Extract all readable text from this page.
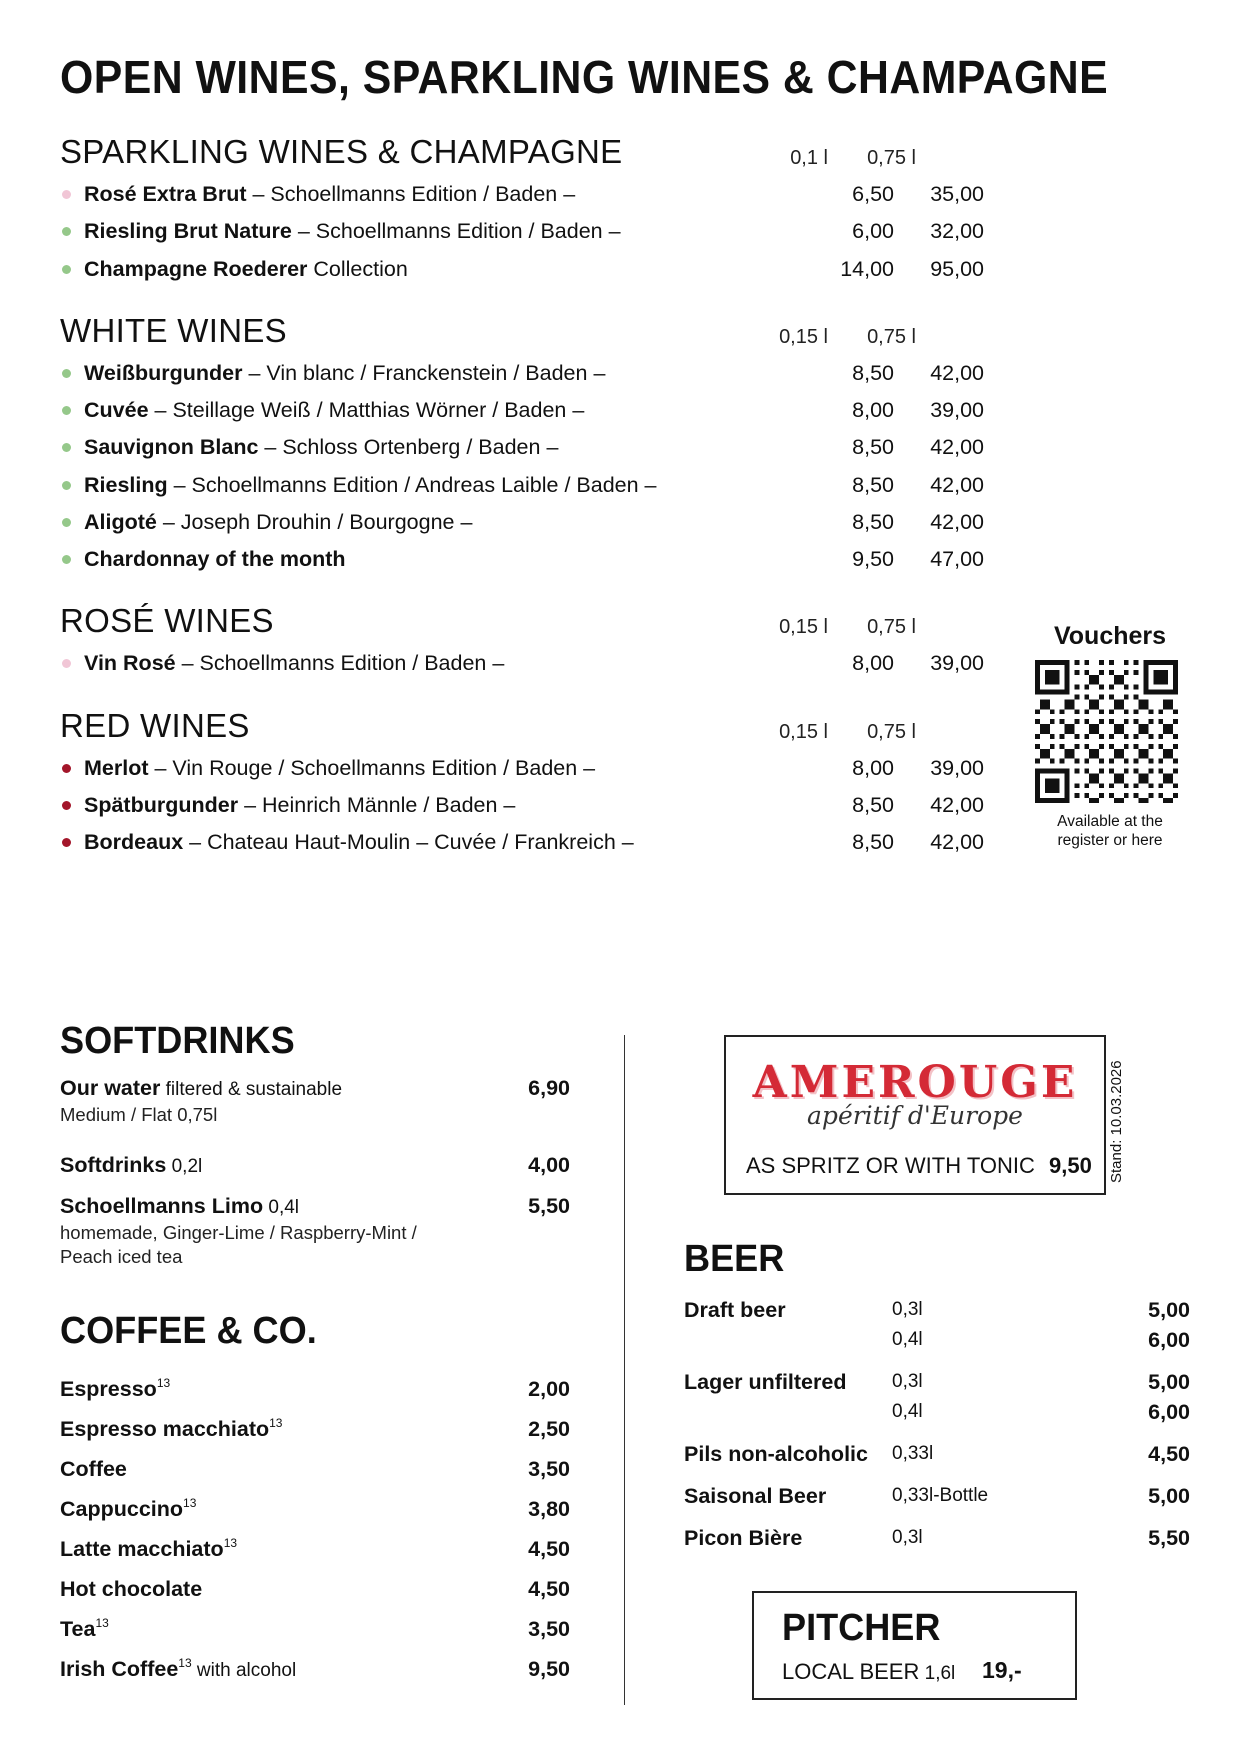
OPEN WINES, SPARKLING WINES & CHAMPAGNE
SPARKLING WINES & CHAMPAGNE	0,1 l	0,75 l
Rosé Extra Brut – Schoellmanns Edition / Baden –	6,50	35,00
Riesling Brut Nature – Schoellmanns Edition / Baden –	6,00	32,00
Champagne Roederer Collection	14,00	95,00
WHITE WINES	0,15 l	0,75 l
Weißburgunder – Vin blanc / Franckenstein / Baden –	8,50	42,00
Cuvée – Steillage Weiß / Matthias Wörner / Baden –	8,00	39,00
Sauvignon Blanc – Schloss Ortenberg / Baden –	8,50	42,00
Riesling – Schoellmanns Edition / Andreas Laible / Baden –	8,50	42,00
Aligoté – Joseph Drouhin / Bourgogne –	8,50	42,00
Chardonnay of the month	9,50	47,00
ROSÉ WINES	0,15 l	0,75 l
Vin Rosé – Schoellmanns Edition / Baden –	8,00	39,00
RED WINES	0,15 l	0,75 l
Merlot – Vin Rouge / Schoellmanns Edition / Baden –	8,00	39,00
Spätburgunder – Heinrich Männle / Baden –	8,50	42,00
Bordeaux – Chateau Haut-Moulin – Cuvée / Frankreich –	8,50	42,00
Vouchers
Available at the
register or here
SOFTDRINKS
Our water filtered & sustainable
Medium / Flat 0,75l
6,90
Softdrinks 0,2l	4,00
Schoellmanns Limo 0,4l
homemade, Ginger-Lime / Raspberry-Mint /
Peach iced tea
5,50
COFFEE & CO.
Espresso$^{13}$	2,00
Espresso macchiato$^{13}$	2,50
Coffee	3,50
Cappuccino$^{13}$	3,80
Latte macchiato$^{13}$	4,50
Hot chocolate	4,50
Tea$^{13}$	3,50
Irish Coffee$^{13}$ with alcohol	9,50
AMEROUGE
apéritif d'Europe
AS SPRITZ OR WITH TONIC 9,50 Stand: 10.03.2026
BEER
Draft beer	0,3l	5,00
0,4l	6,00
Lager unfiltered 0,3l	5,00
0,4l	6,00
Pils non-alcoholic 0,33l	4,50
Saisonal Beer	0,33l-Bottle	5,00
Picon Bière	0,3l	5,50
PITCHER
LOCAL BEER 1,6l 19,-
